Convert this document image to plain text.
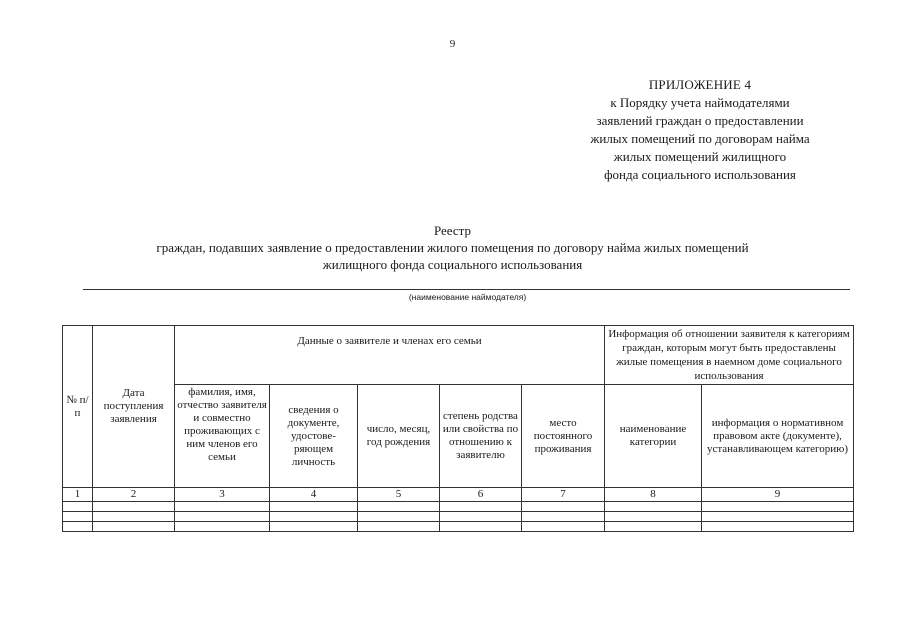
9
ПРИЛОЖЕНИЕ 4
к Порядку учета наймодателями
заявлений граждан о предоставлении
жилых помещений по договорам найма
жилых помещений жилищного
фонда социального использования
Реестр
граждан, подавших заявление о предоставлении жилого помещения по договору найма жилых помещений
жилищного фонда социального использования
(наименование наймодателя)
№ п/п	Дата поступления заявления	Данные о заявителе и членах его семьи					Информация об отношении заявителя к категориям граждан, которым могут быть предоставлены жилые помещения в наемном доме социального использования	

		фамилия, имя, отчество заявителя и совместно проживающих с ним членов его семьи	сведения о документе, удостове-ряющем личность	число, месяц, год рождения	степень родства или свойства по отношению к заявителю	место постоянного проживания	наименование категории	информация о нормативном правовом акте (документе), устанавливающем категорию)
1	2	3	4	5	6	7	8	9
